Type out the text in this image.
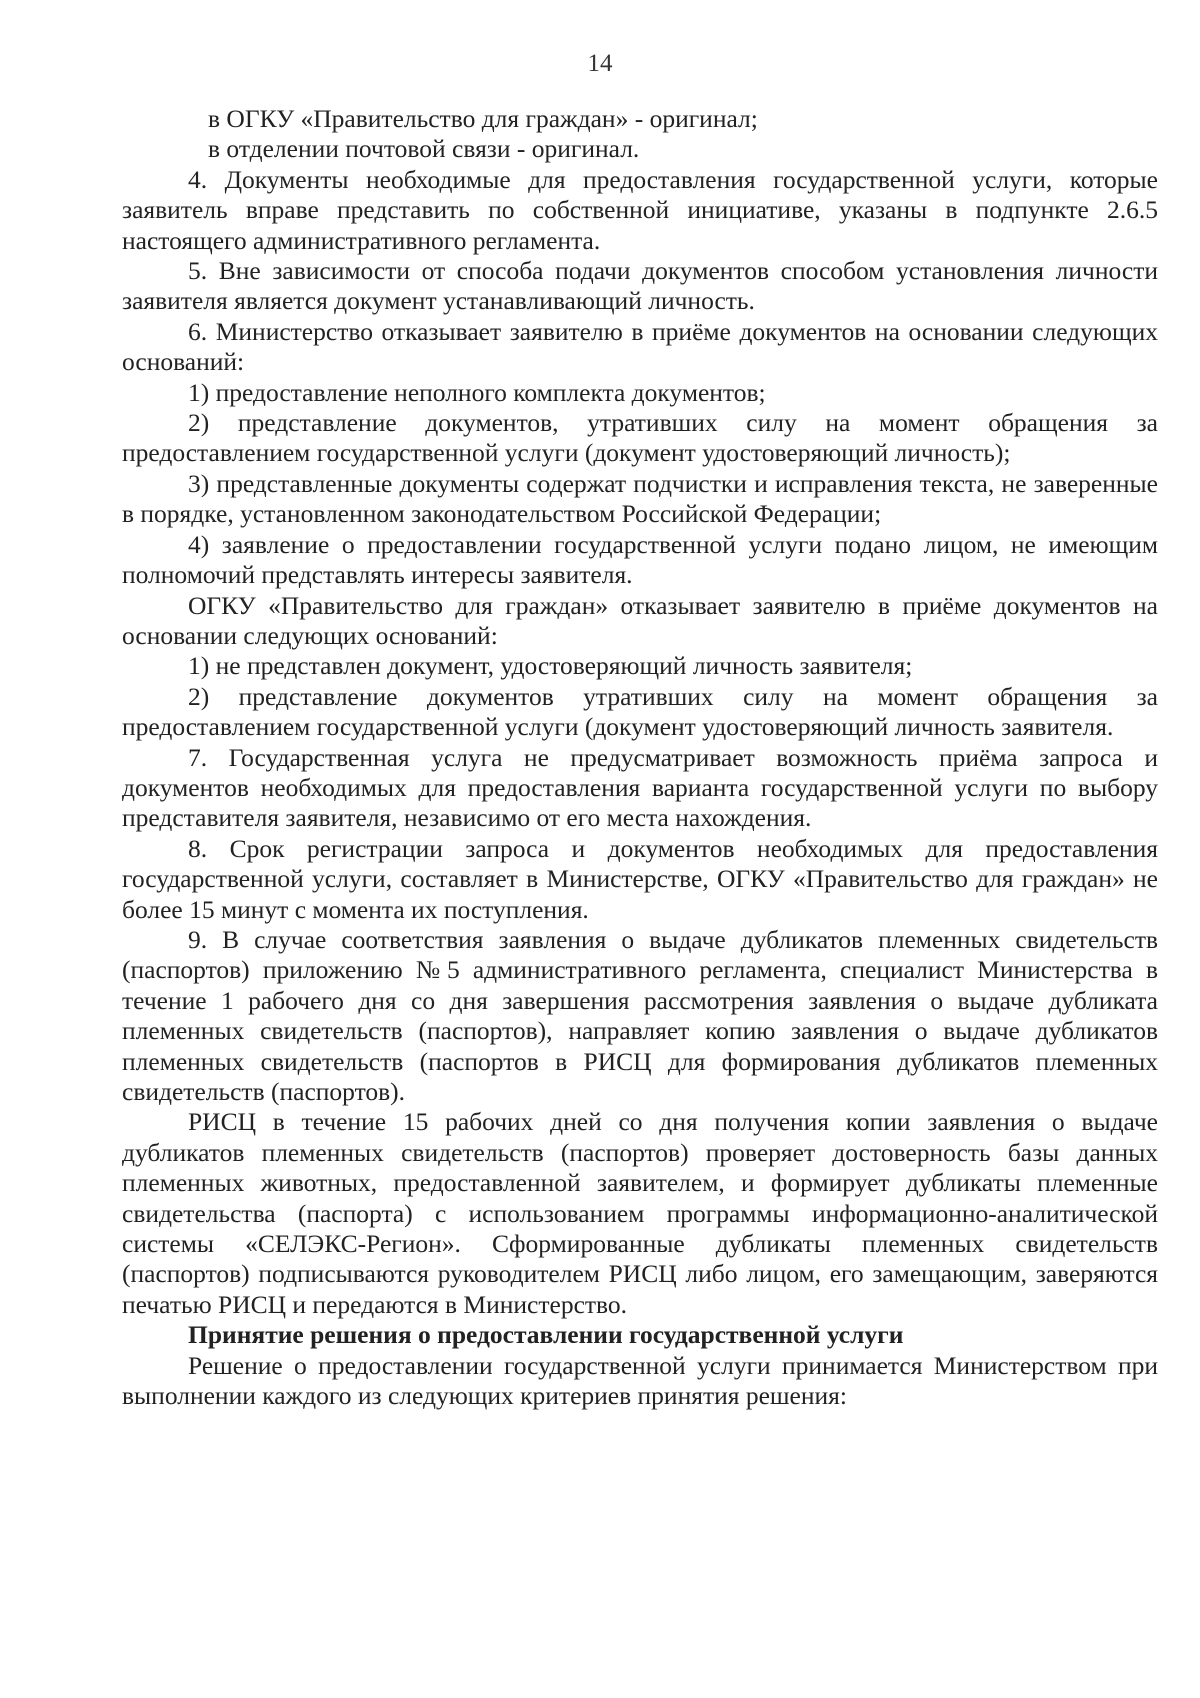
14

в ОГКУ «Правительство для граждан» - оригинал;

в отделении почтовой связи - оригинал.

4. Документы необходимые для предоставления государственной услуги, которые заявитель вправе представить по собственной инициативе, указаны в подпункте 2.6.5 настоящего административного регламента.

5. Вне зависимости от способа подачи документов способом установления личности заявителя является документ устанавливающий личность.

6. Министерство отказывает заявителю в приёме документов на основании следующих оснований:

1) предоставление неполного комплекта документов;

2) представление документов, утративших силу на момент обращения за предоставлением государственной услуги (документ удостоверяющий личность);

3) представленные документы содержат подчистки и исправления текста, не заверенные в порядке, установленном законодательством Российской Федерации;

4) заявление о предоставлении государственной услуги подано лицом, не имеющим полномочий представлять интересы заявителя.

ОГКУ «Правительство для граждан» отказывает заявителю в приёме документов на основании следующих оснований:

1) не представлен документ, удостоверяющий личность заявителя;

2) представление документов утративших силу на момент обращения за предоставлением государственной услуги (документ удостоверяющий личность заявителя.

7. Государственная услуга не предусматривает возможность приёма запроса и документов необходимых для предоставления варианта государственной услуги по выбору представителя заявителя, независимо от его места нахождения.

8. Срок регистрации запроса и документов необходимых для предоставления государственной услуги, составляет в Министерстве, ОГКУ «Правительство для граждан» не более 15 минут с момента их поступления.

9. В случае соответствия заявления о выдаче дубликатов племенных свидетельств (паспортов) приложению №5 административного регламента, специалист Министерства в течение 1 рабочего дня со дня завершения рассмотрения заявления о выдаче дубликата племенных свидетельств (паспортов), направляет копию заявления о выдаче дубликатов племенных свидетельств (паспортов в РИСЦ для формирования дубликатов племенных свидетельств (паспортов).

РИСЦ в течение 15 рабочих дней со дня получения копии заявления о выдаче дубликатов племенных свидетельств (паспортов) проверяет достоверность базы данных племенных животных, предоставленной заявителем, и формирует дубликаты племенные свидетельства (паспорта) с использованием программы информационно-аналитической системы «СЕЛЭКС-Регион». Сформированные дубликаты племенных свидетельств (паспортов) подписываются руководителем РИСЦ либо лицом, его замещающим, заверяются печатью РИСЦ и передаются в Министерство.

Принятие решения о предоставлении государственной услуги

Решение о предоставлении государственной услуги принимается Министерством при выполнении каждого из следующих критериев принятия решения:
